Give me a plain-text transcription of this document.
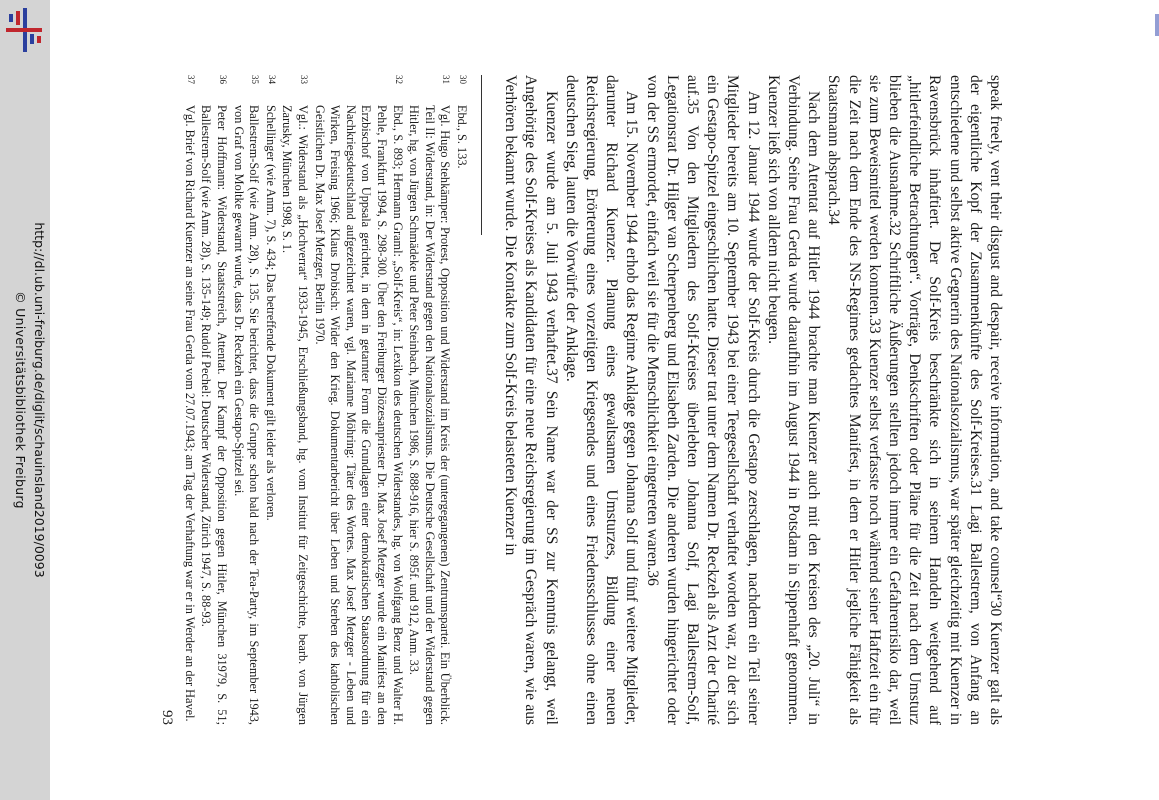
http://dl.ub.uni-freiburg.de/diglit/schauinsland2019/0093
© Universitätsbibliothek Freiburg	speak freely, vent their disgust and despair, receive information, and take counsel“30 Kuenzer galt als der eigentliche Kopf der Zusammenkünfte des Solf-Kreises.31 Lagi Ballestrem, von Anfang an entschiedene und selbst aktive Gegnerin des Nationalsozialismus, war später gleichzeitig mit Kuenzer in Ravensbrück inhaftiert. Der Solf-Kreis beschränkte sich in seinem Handeln weitgehend auf „hitlerfeindliche Betrachtungen“. Vorträge, Denkschriften oder Pläne für die Zeit nach dem Umsturz blieben die Ausnahme.32 Schriftliche Äußerungen stellten jedoch immer ein Gefahrenrisiko dar, weil sie zum Beweismittel werden konnten.33 Kuenzer selbst verfasste noch während seiner Haftzeit ein für die Zeit nach dem Ende des NS-Regimes gedachtes Manifest, in dem er Hitler jegliche Fähigkeit als Staatsmann absprach.34

Nach dem Attentat auf Hitler 1944 brachte man Kuenzer auch mit den Kreisen des „20. Juli“ in Verbindung. Seine Frau Gerda wurde daraufhin im August 1944 in Potsdam in Sippenhaft genommen. Kuenzer ließ sich von alldem nicht beugen.

Am 12. Januar 1944 wurde der Solf-Kreis durch die Gestapo zerschlagen, nachdem ein Teil seiner Mitglieder bereits am 10. September 1943 bei einer Teegesellschaft verhaftet worden war, zu der sich ein Gestapo-Spitzel eingeschlichen hatte. Dieser trat unter dem Namen Dr. Reckzeh als Arzt der Charité auf.35 Von den Mitgliedern des Solf-Kreises überlebten Johanna Solf, Lagi Ballestrem-Solf, Legationsrat Dr. Hilger van Scherpenberg und Elisabeth Zarden. Die anderen wurden hingerichtet oder von der SS ermordet, einfach weil sie für die Menschlichkeit eingetreten waren.36

Am 15. November 1944 erhob das Regime Anklage gegen Johanna Solf und fünf weitere Mitglieder, darunter Richard Kuenzer. Planung eines gewaltsamen Umsturzes, Bildung einer neuen Reichsregierung, Erörterung eines vorzeitigen Kriegsendes und eines Friedensschlusses ohne einen deutschen Sieg, lauten die Vorwürfe der Anklage.

Kuenzer wurde am 5. Juli 1943 verhaftet.37 Sein Name war der SS zur Kenntnis gelangt, weil Angehörige des Solf-Kreises als Kandidaten für eine neue Reichsregierung im Gespräch waren, wie aus Verhören bekannt wurde. Die Kontakte zum Solf-Kreis belasteten Kuenzer in

30
Ebd., S. 133.
31
Vgl. Hugo Stehkämper: Protest, Opposition und Widerstand im Kreis der (untergegangenen) Zentrumspartei. Ein Überblick. Teil II: Widerstand, in: Der Widerstand gegen den Nationalsozialismus. Die Deutsche Gesellschaft und der Widerstand gegen Hitler, hg. von Jürgen Schmädeke und Peter Steinbach, München 1986, S. 888-916, hier S. 895f. und 912, Anm. 33.
32
Ebd., S. 893; Hermann Graml: „Solf-Kreis“, in: Lexikon des deutschen Widerstandes, hg. von Wolfgang Benz und Walter H. Pehle, Frankfurt 1994, S. 298-300. Über den Freiburger Diözesanpriester Dr. Max Josef Metzger wurde ein Manifest an den Erzbischof von Uppsala gerichtet, in dem in getarnter Form die Grundlagen einer demokratischen Staatsordnung für ein Nachkriegsdeutschland aufgezeichnet waren, vgl. Marianne Möhring: Täter des Wortes. Max Josef Metzger - Leben und Wirken, Freising 1966; Klaus Drobisch: Wider den Krieg. Dokumentarbericht über Leben und Sterben des katholischen Geistlichen Dr. Max Josef Metzger, Berlin 1970.
33
Vgl.: Widerstand als „Hochverrat“ 1933-1945, Erschließungsband, hg. vom Institut für Zeitgeschichte, bearb. von Jürgen Zarusky, München 1998, S. 1.
34
Schellinger (wie Anm. 7), S. 434; Das betreffende Dokument gilt leider als verloren.
35
Ballestrem-Solf (wie Anm. 28), S. 135. Sie berichtet, dass die Gruppe schon bald nach der Tea-Party, im September 1943, von Graf von Moltke gewarnt wurde, dass Dr. Reckzeh ein Gestapo-Spitzel sei.
36
Peter Hoffmann: Widerstand, Staatsstreich, Attentat. Der Kampf der Opposition gegen Hitler, München 31979, S. 51; Ballestrem-Solf (wie Anm. 28), S. 135-149; Rudolf Pechel: Deutscher Widerstand, Zürich 1947, S. 88-93.
37
Vgl. Brief von Richard Kuenzer an seine Frau Gerda vom 27.07.1943; am Tag der Verhaftung war er in Werder an der Havel.
93
